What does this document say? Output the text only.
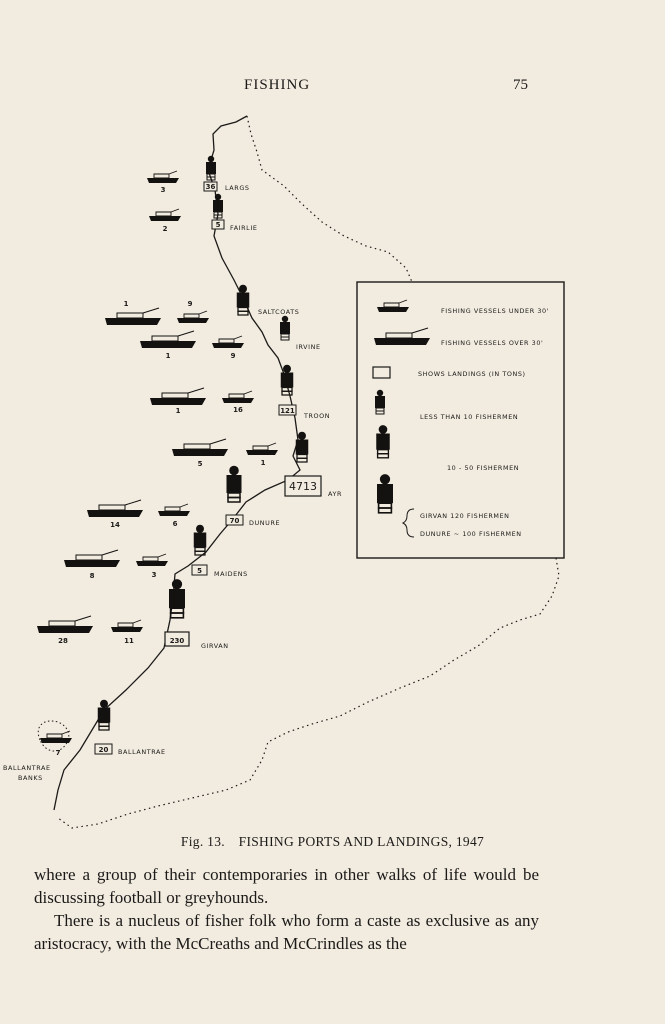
FISHING	75
36 LARGS
3
5 FAIRLIE
2
SALTCOATS
9
1
IRVINE
9
1
121
TROON
16
1
4713
AYR
1
5
70 DUNURE
6
14
5 MAIDENS
3
8
230
GIRVAN
11
28
20 BALLANTRAE
7
BALLANTRAE
BANKS
FISHING VESSELS UNDER 30'
FISHING VESSELS OVER 30'
SHOWS LANDINGS (IN TONS)
LESS THAN 10 FISHERMEN
10 - 50 FISHERMEN
GIRVAN 120 FISHERMEN
DUNURE ~ 100 FISHERMEN
Fig. 13. FISHING PORTS AND LANDINGS, 1947

where a group of their contemporaries in other walks of life would be discussing football or greyhounds.

There is a nucleus of fisher folk who form a caste as exclusive as any aristocracy, with the McCreaths and McCrindles as the
